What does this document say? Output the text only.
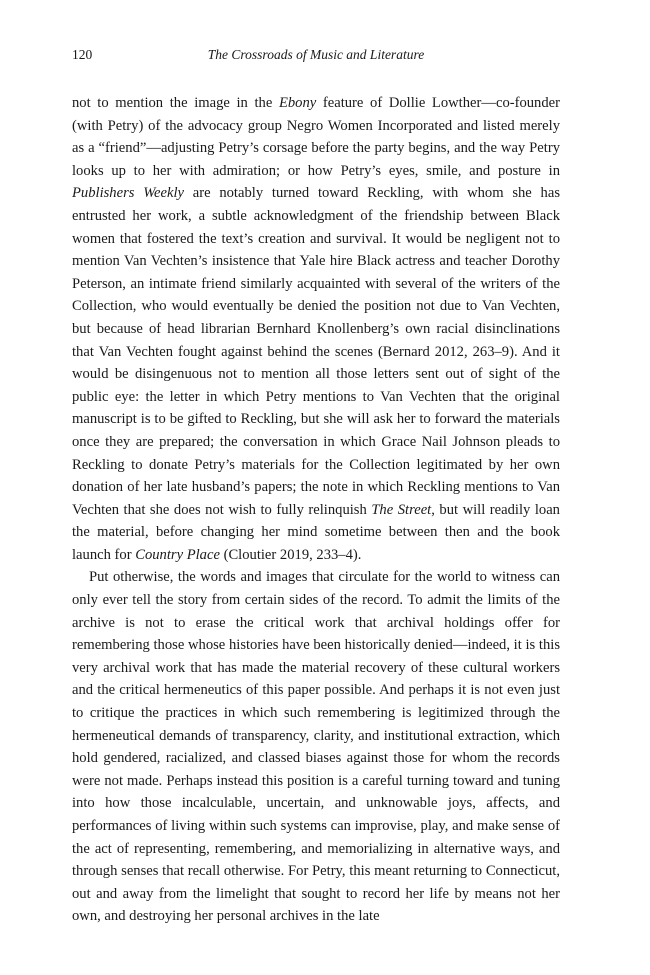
120	The Crossroads of Music and Literature

not to mention the image in the Ebony feature of Dollie Lowther—co-founder (with Petry) of the advocacy group Negro Women Incorporated and listed merely as a “friend”—adjusting Petry’s corsage before the party begins, and the way Petry looks up to her with admiration; or how Petry’s eyes, smile, and posture in Publishers Weekly are notably turned toward Reckling, with whom she has entrusted her work, a subtle acknowledgment of the friendship between Black women that fostered the text’s creation and survival. It would be negligent not to mention Van Vechten’s insistence that Yale hire Black actress and teacher Dorothy Peterson, an intimate friend similarly acquainted with several of the writers of the Collection, who would eventually be denied the position not due to Van Vechten, but because of head librarian Bernhard Knollenberg’s own racial disinclinations that Van Vechten fought against behind the scenes (Bernard 2012, 263–9). And it would be disingenuous not to mention all those letters sent out of sight of the public eye: the letter in which Petry mentions to Van Vechten that the original manuscript is to be gifted to Reckling, but she will ask her to forward the materials once they are prepared; the conversation in which Grace Nail Johnson pleads to Reckling to donate Petry’s materials for the Collection legitimated by her own donation of her late husband’s papers; the note in which Reckling mentions to Van Vechten that she does not wish to fully relinquish The Street, but will readily loan the material, before changing her mind sometime between then and the book launch for Country Place (Cloutier 2019, 233–4).

Put otherwise, the words and images that circulate for the world to witness can only ever tell the story from certain sides of the record. To admit the limits of the archive is not to erase the critical work that archival holdings offer for remembering those whose histories have been historically denied—indeed, it is this very archival work that has made the material recovery of these cultural workers and the critical hermeneutics of this paper possible. And perhaps it is not even just to critique the practices in which such remembering is legitimized through the hermeneutical demands of transparency, clarity, and institutional extraction, which hold gendered, racialized, and classed biases against those for whom the records were not made. Perhaps instead this position is a careful turning toward and tuning into how those incalculable, uncertain, and unknowable joys, affects, and performances of living within such systems can improvise, play, and make sense of the act of representing, remembering, and memorializing in alternative ways, and through senses that recall otherwise. For Petry, this meant returning to Connecticut, out and away from the limelight that sought to record her life by means not her own, and destroying her personal archives in the late
